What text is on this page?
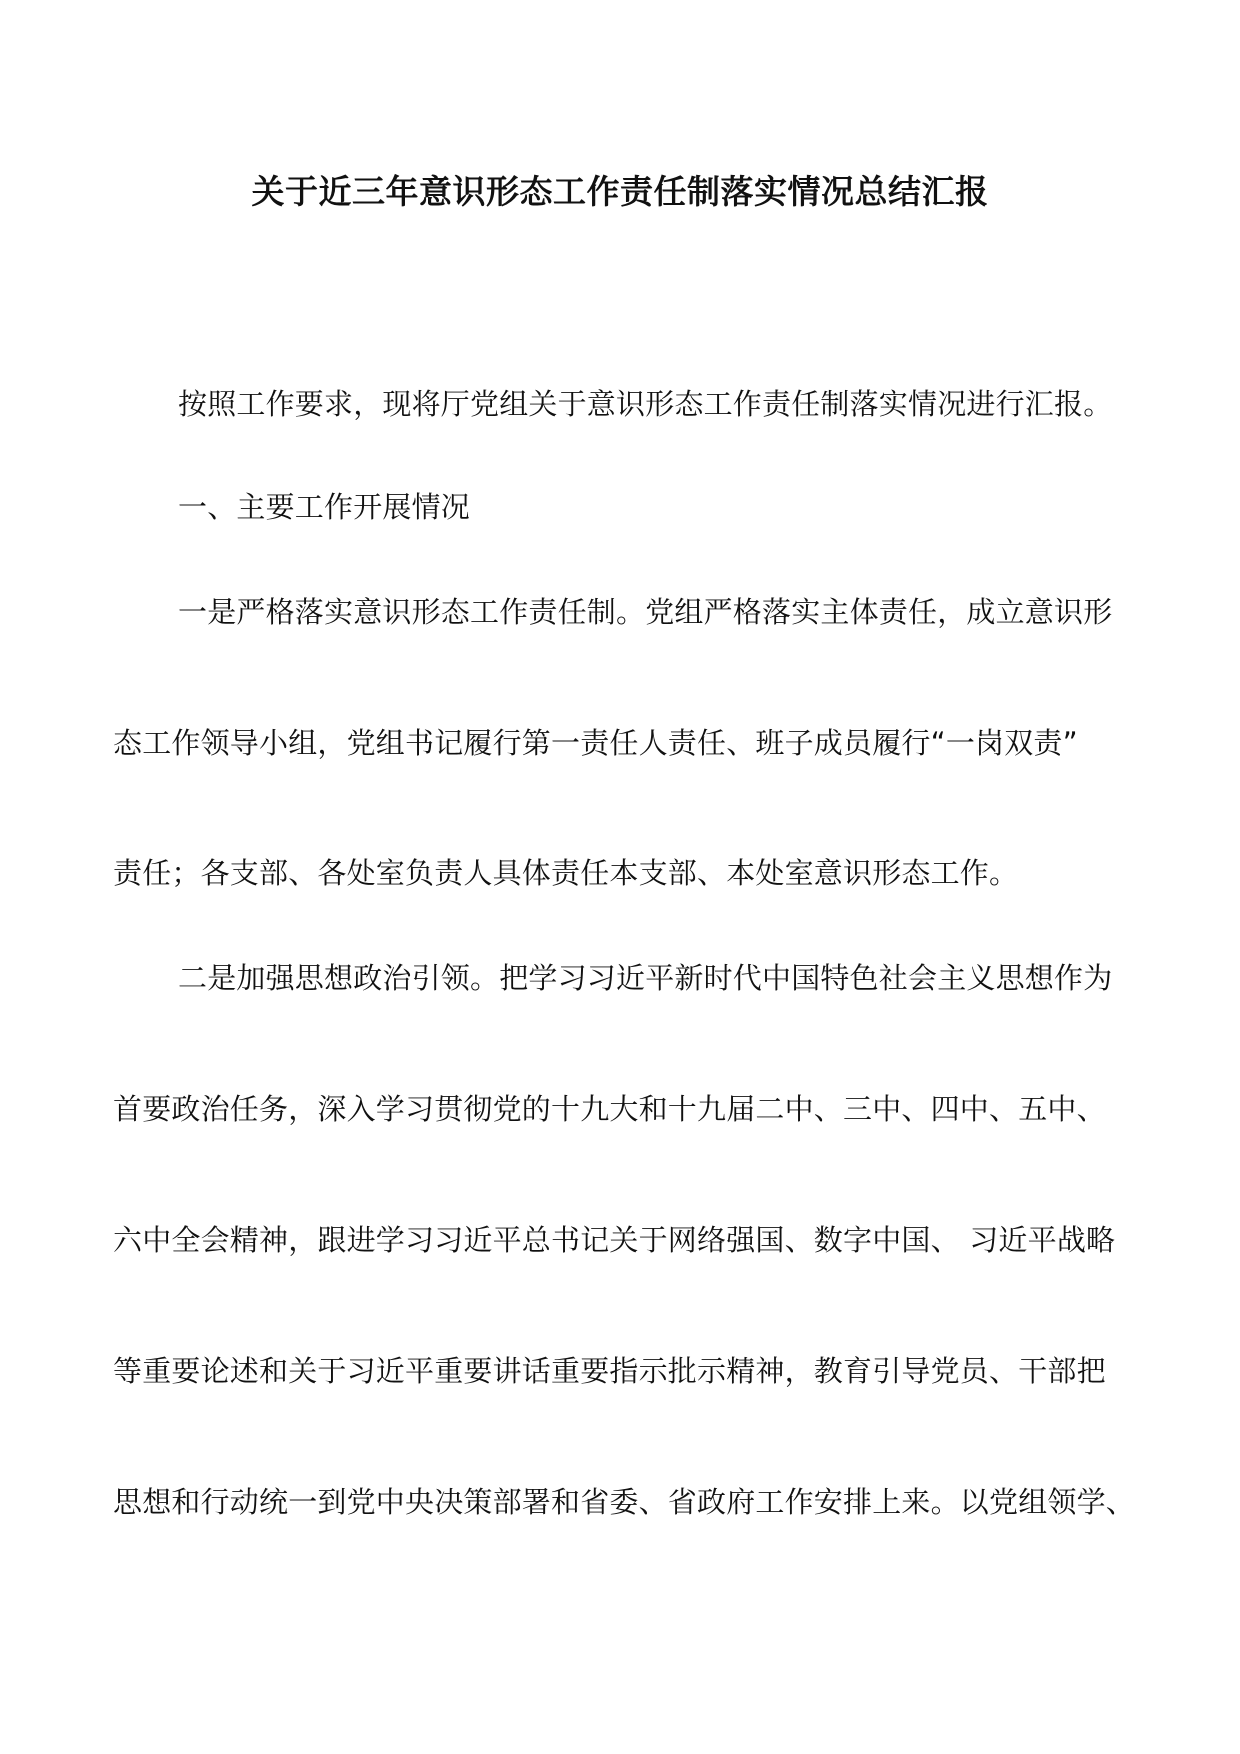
关于近三年意识形态工作责任制落实情况总结汇报
按照工作要求，现将厅党组关于意识形态工作责任制落实情况进行汇报。
一、主要工作开展情况
一是严格落实意识形态工作责任制。党组严格落实主体责任，成立意识形
态工作领导小组，党组书记履行第一责任人责任、班子成员履行“一岗双责”
责任；各支部、各处室负责人具体责任本支部、本处室意识形态工作。
二是加强思想政治引领。把学习习近平新时代中国特色社会主义思想作为
首要政治任务，深入学习贯彻党的十九大和十九届二中、三中、四中、五中、
六中全会精神，跟进学习习近平总书记关于网络强国、数字中国、 习近平战略
等重要论述和关于习近平重要讲话重要指示批示精神，教育引导党员、干部把
思想和行动统一到党中央决策部署和省委、省政府工作安排上来。以党组领学、
